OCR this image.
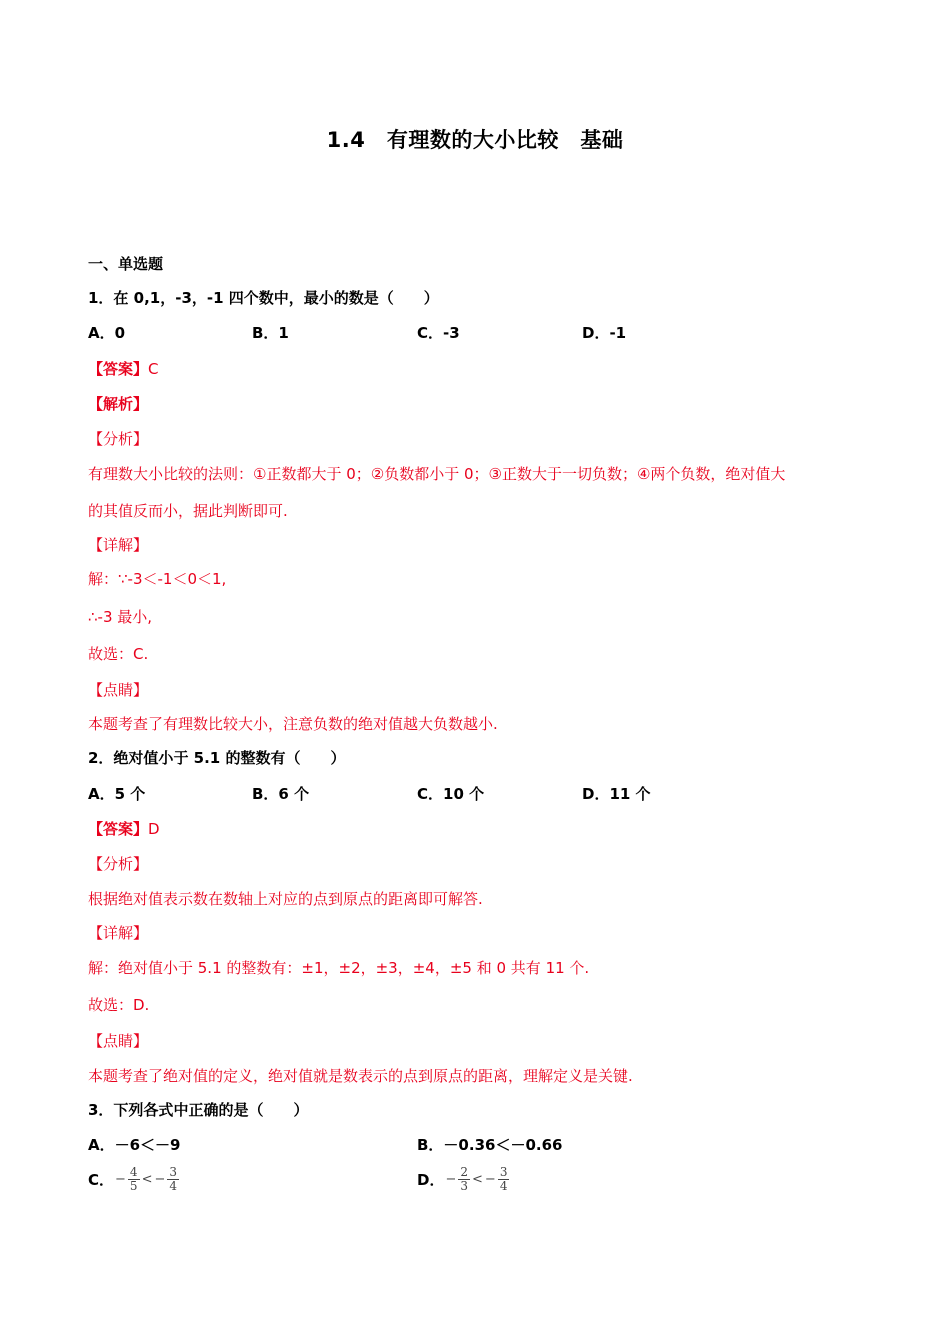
1.4　有理数的大小比较　基础
一、单选题
1．在 0,1，-3，-1 四个数中，最小的数是（　　）
A．0	B．1	C．-3	D．-1
【答案】C
【解析】
【分析】
有理数大小比较的法则：①正数都大于 0；②负数都小于 0；③正数大于一切负数；④两个负数，绝对值大
的其值反而小，据此判断即可.
【详解】
解：∵-3＜-1＜0＜1,
∴-3 最小,
故选：C.
【点睛】
本题考查了有理数比较大小，注意负数的绝对值越大负数越小.
2．绝对值小于 5.1 的整数有（　　）
A．5 个	B．6 个	C．10 个	D．11 个
【答案】D
【分析】
根据绝对值表示数在数轴上对应的点到原点的距离即可解答.
【详解】
解：绝对值小于 5.1 的整数有：±1，±2，±3，±4，±5 和 0 共有 11 个.
故选：D.
【点睛】
本题考查了绝对值的定义，绝对值就是数表示的点到原点的距离，理解定义是关键.
3．下列各式中正确的是（　　）
A．－6＜－9	B．－0.36＜－0.66
C． − $\frac{4}{5}$ < − $\frac{3}{4}$	D． − $\frac{2}{3}$ < − $\frac{3}{4}$
